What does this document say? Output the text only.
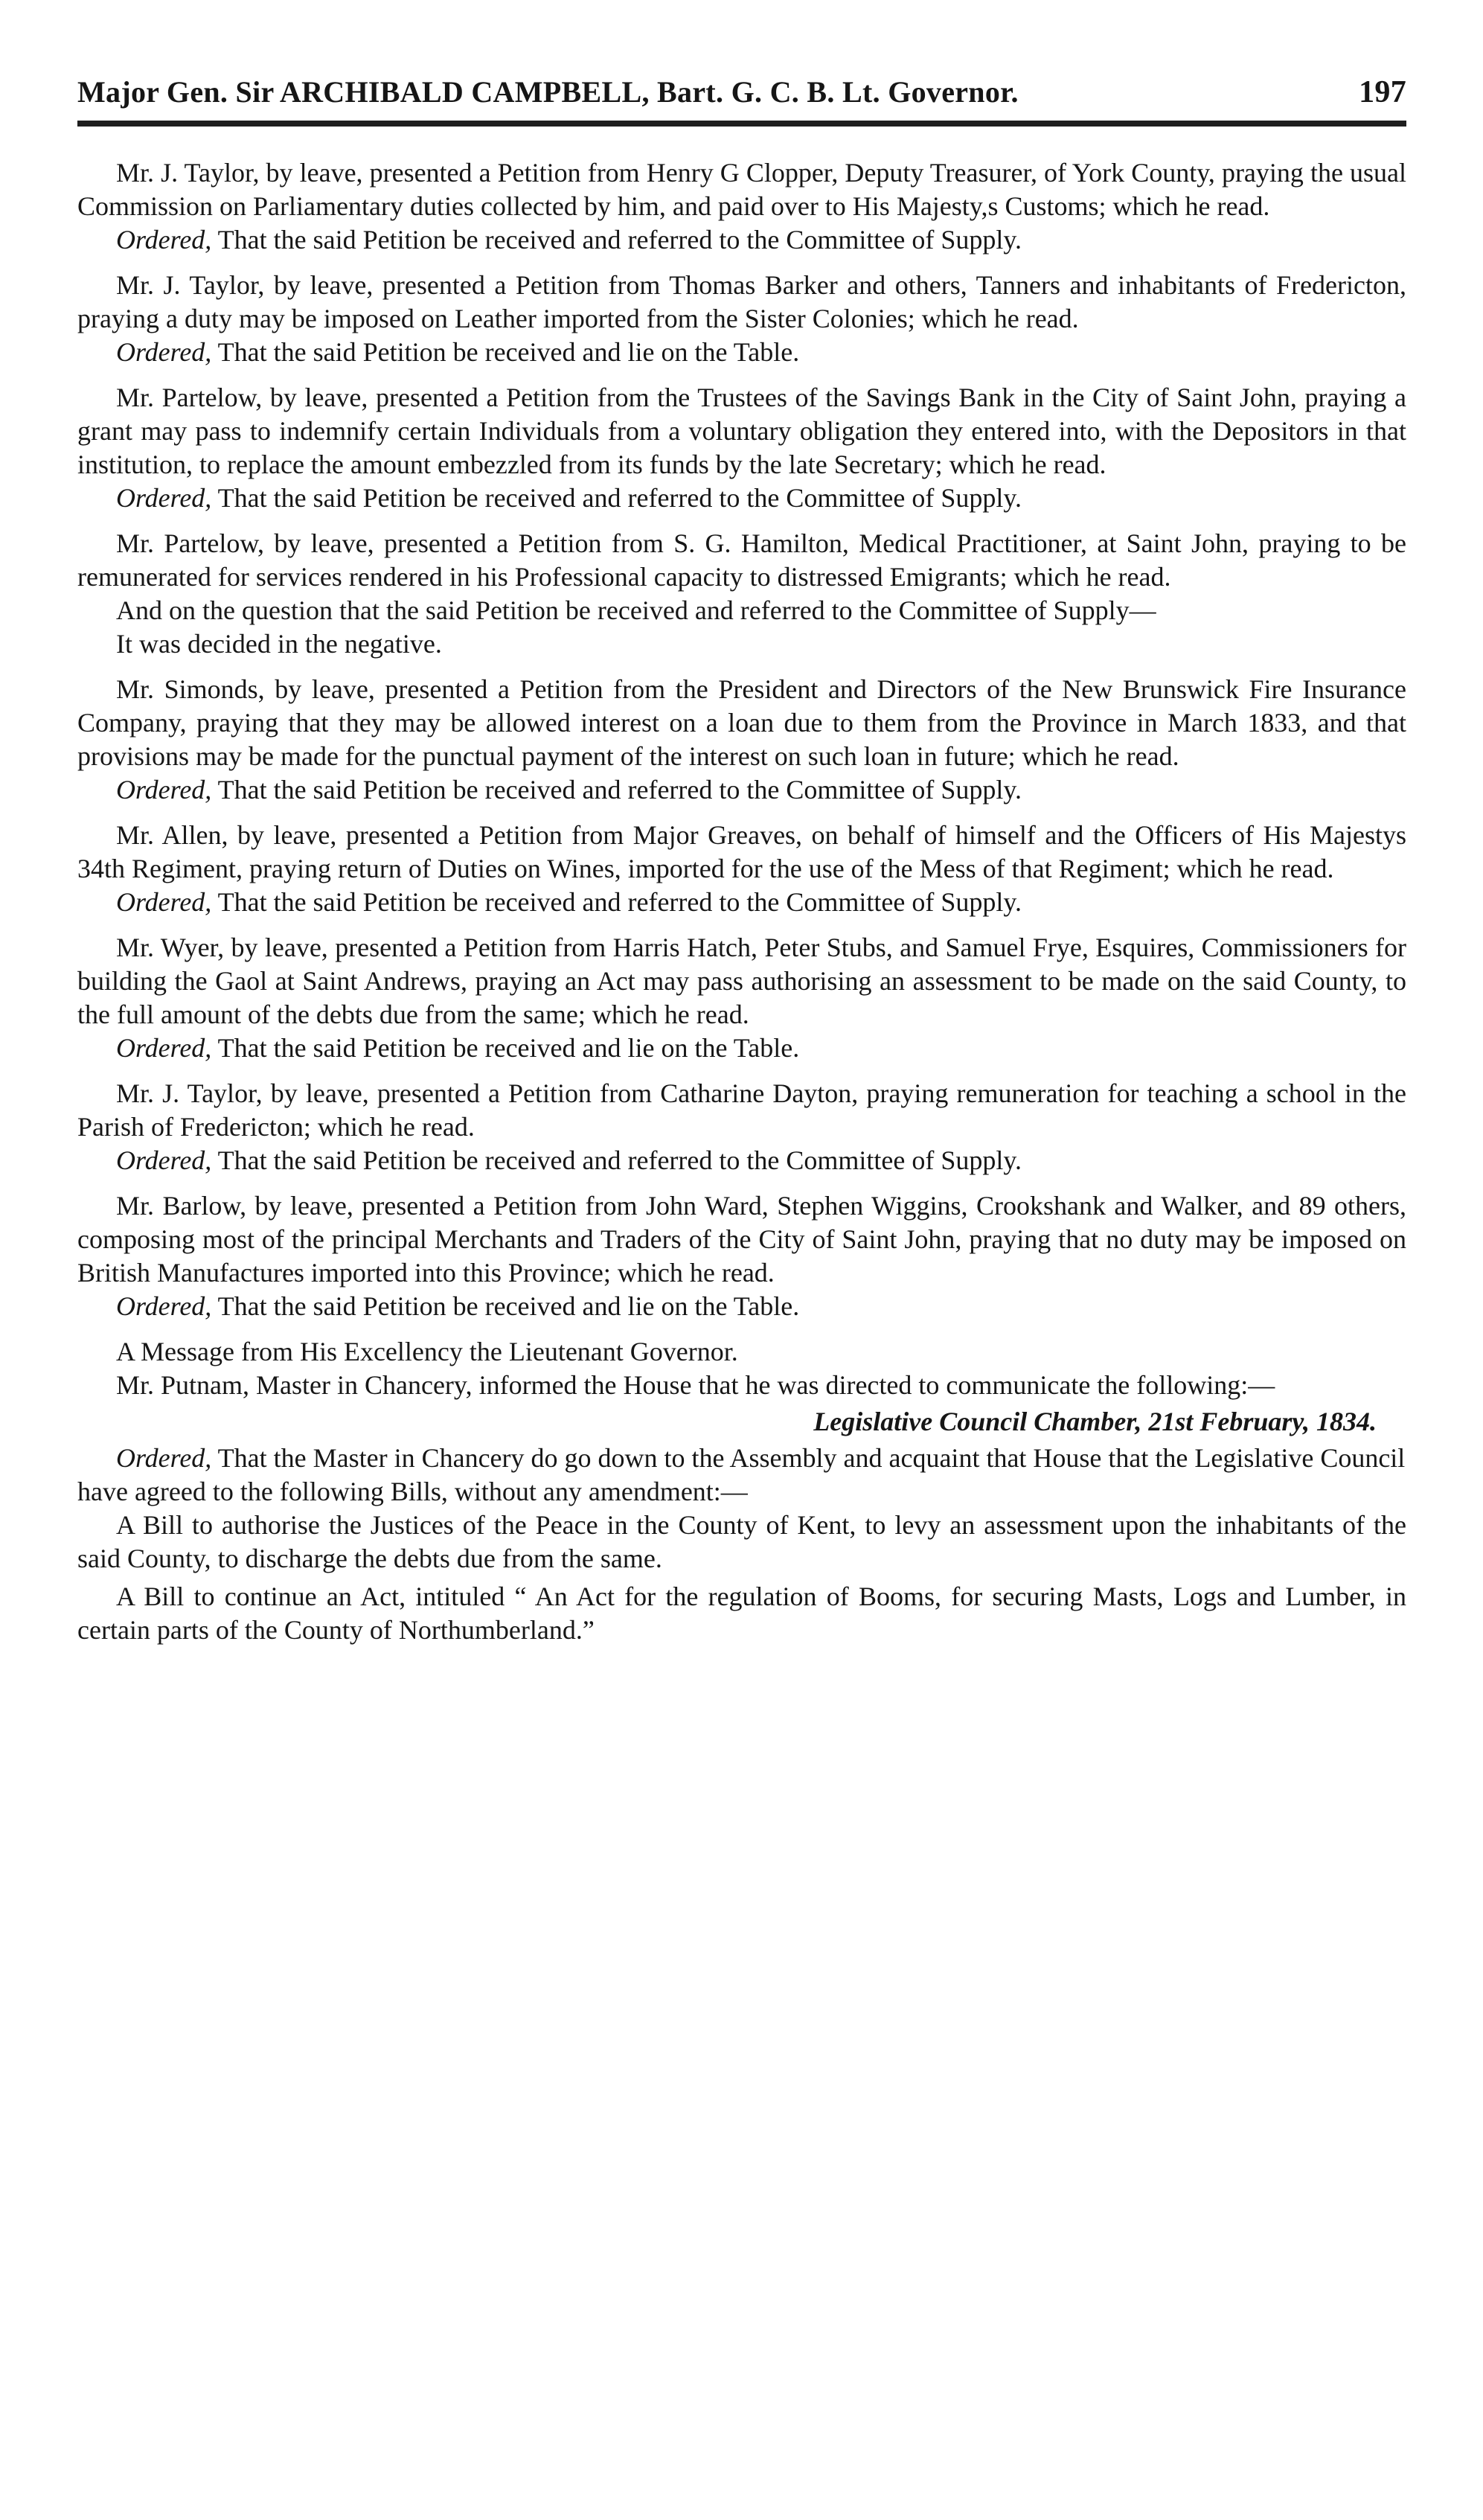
Major Gen. Sir ARCHIBALD CAMPBELL, Bart. G. C. B. Lt. Governor.	197

Mr. J. Taylor, by leave, presented a Petition from Henry G Clopper, Deputy Treasurer, of York County, praying the usual Commission on Parliamentary duties collected by him, and paid over to His Majesty,s Customs; which he read.

Ordered, That the said Petition be received and referred to the Committee of Supply.

Mr. J. Taylor, by leave, presented a Petition from Thomas Barker and others, Tanners and inhabitants of Fredericton, praying a duty may be imposed on Leather imported from the Sister Colonies; which he read.

Ordered, That the said Petition be received and lie on the Table.

Mr. Partelow, by leave, presented a Petition from the Trustees of the Savings Bank in the City of Saint John, praying a grant may pass to indemnify certain Individuals from a voluntary obligation they entered into, with the Depositors in that institution, to replace the amount embezzled from its funds by the late Secretary; which he read.

Ordered, That the said Petition be received and referred to the Committee of Supply.

Mr. Partelow, by leave, presented a Petition from S. G. Hamilton, Medical Practitioner, at Saint John, praying to be remunerated for services rendered in his Professional capacity to distressed Emigrants; which he read.

And on the question that the said Petition be received and referred to the Committee of Supply—

It was decided in the negative.

Mr. Simonds, by leave, presented a Petition from the President and Directors of the New Brunswick Fire Insurance Company, praying that they may be allowed interest on a loan due to them from the Province in March 1833, and that provisions may be made for the punctual payment of the interest on such loan in future; which he read.

Ordered, That the said Petition be received and referred to the Committee of Supply.

Mr. Allen, by leave, presented a Petition from Major Greaves, on behalf of himself and the Officers of His Majestys 34th Regiment, praying return of Duties on Wines, imported for the use of the Mess of that Regiment; which he read.

Ordered, That the said Petition be received and referred to the Committee of Supply.

Mr. Wyer, by leave, presented a Petition from Harris Hatch, Peter Stubs, and Samuel Frye, Esquires, Commissioners for building the Gaol at Saint Andrews, praying an Act may pass authorising an assessment to be made on the said County, to the full amount of the debts due from the same; which he read.

Ordered, That the said Petition be received and lie on the Table.

Mr. J. Taylor, by leave, presented a Petition from Catharine Dayton, praying remuneration for teaching a school in the Parish of Fredericton; which he read.

Ordered, That the said Petition be received and referred to the Committee of Supply.

Mr. Barlow, by leave, presented a Petition from John Ward, Stephen Wiggins, Crookshank and Walker, and 89 others, composing most of the principal Merchants and Traders of the City of Saint John, praying that no duty may be imposed on British Manufactures imported into this Province; which he read.

Ordered, That the said Petition be received and lie on the Table.

A Message from His Excellency the Lieutenant Governor.

Mr. Putnam, Master in Chancery, informed the House that he was directed to communicate the following:—

Legislative Council Chamber, 21st February, 1834.

Ordered, That the Master in Chancery do go down to the Assembly and acquaint that House that the Legislative Council have agreed to the following Bills, without any amendment:—

A Bill to authorise the Justices of the Peace in the County of Kent, to levy an assessment upon the inhabitants of the said County, to discharge the debts due from the same.

A Bill to continue an Act, intituled “ An Act for the regulation of Booms, for securing Masts, Logs and Lumber, in certain parts of the County of Northumberland.”
